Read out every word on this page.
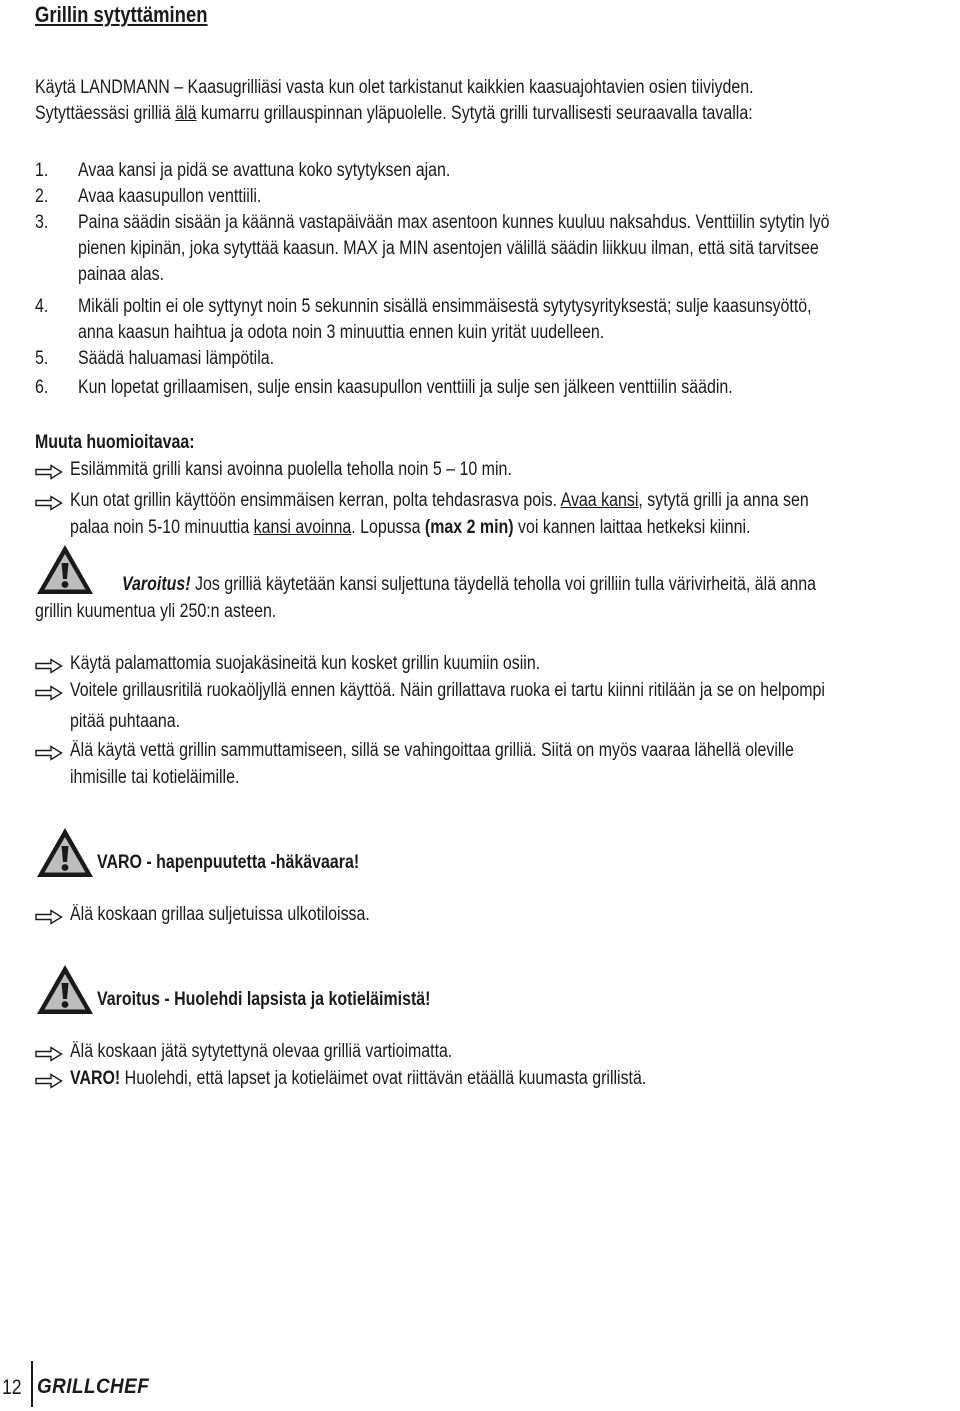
Grillin sytyttäminen
Käytä LANDMANN – Kaasugrilliäsi vasta kun olet tarkistanut kaikkien kaasuajohtavien osien tiiviyden.
Sytyttäessäsi grilliä älä kumarru grillauspinnan yläpuolelle. Sytytä grilli turvallisesti seuraavalla tavalla:
1. Avaa kansi ja pidä se avattuna koko sytytyksen ajan.
2. Avaa kaasupullon venttiili.
3. Paina säädin sisään ja käännä vastapäivään max asentoon kunnes kuuluu naksahdus. Venttiilin sytytin lyö
pienen kipinän, joka sytyttää kaasun. MAX ja MIN asentojen välillä säädin liikkuu ilman, että sitä tarvitsee
painaa alas.
4. Mikäli poltin ei ole syttynyt noin 5 sekunnin sisällä ensimmäisestä sytytysyrityksestä; sulje kaasunsyöttö,
anna kaasun haihtua ja odota noin 3 minuuttia ennen kuin yrität uudelleen.
5. Säädä haluamasi lämpötila.
6. Kun lopetat grillaamisen, sulje ensin kaasupullon venttiili ja sulje sen jälkeen venttiilin säädin.
Muuta huomioitavaa:
Esilämmitä grilli kansi avoinna puolella teholla noin 5 – 10 min.
Kun otat grillin käyttöön ensimmäisen kerran, polta tehdasrasva pois. Avaa kansi, sytytä grilli ja anna sen
palaa noin 5-10 minuuttia kansi avoinna. Lopussa (max 2 min) voi kannen laittaa hetkeksi kiinni.
Varoitus! Jos grilliä käytetään kansi suljettuna täydellä teholla voi grilliin tulla värivirheitä, älä anna
grillin kuumentua yli 250:n asteen.
Käytä palamattomia suojakäsineitä kun kosket grillin kuumiin osiin.
Voitele grillausritilä ruokaöljyllä ennen käyttöä. Näin grillattava ruoka ei tartu kiinni ritilään ja se on helpompi
pitää puhtaana.
Älä käytä vettä grillin sammuttamiseen, sillä se vahingoittaa grilliä. Siitä on myös vaaraa lähellä oleville
ihmisille tai kotieläimille.
VARO - hapenpuutetta -häkävaara!
Älä koskaan grillaa suljetuissa ulkotiloissa.
Varoitus - Huolehdi lapsista ja kotieläimistä!
Älä koskaan jätä sytytettynä olevaa grilliä vartioimatta.
VARO! Huolehdi, että lapset ja kotieläimet ovat riittävän etäällä kuumasta grillistä.
12 GRILLCHEF
